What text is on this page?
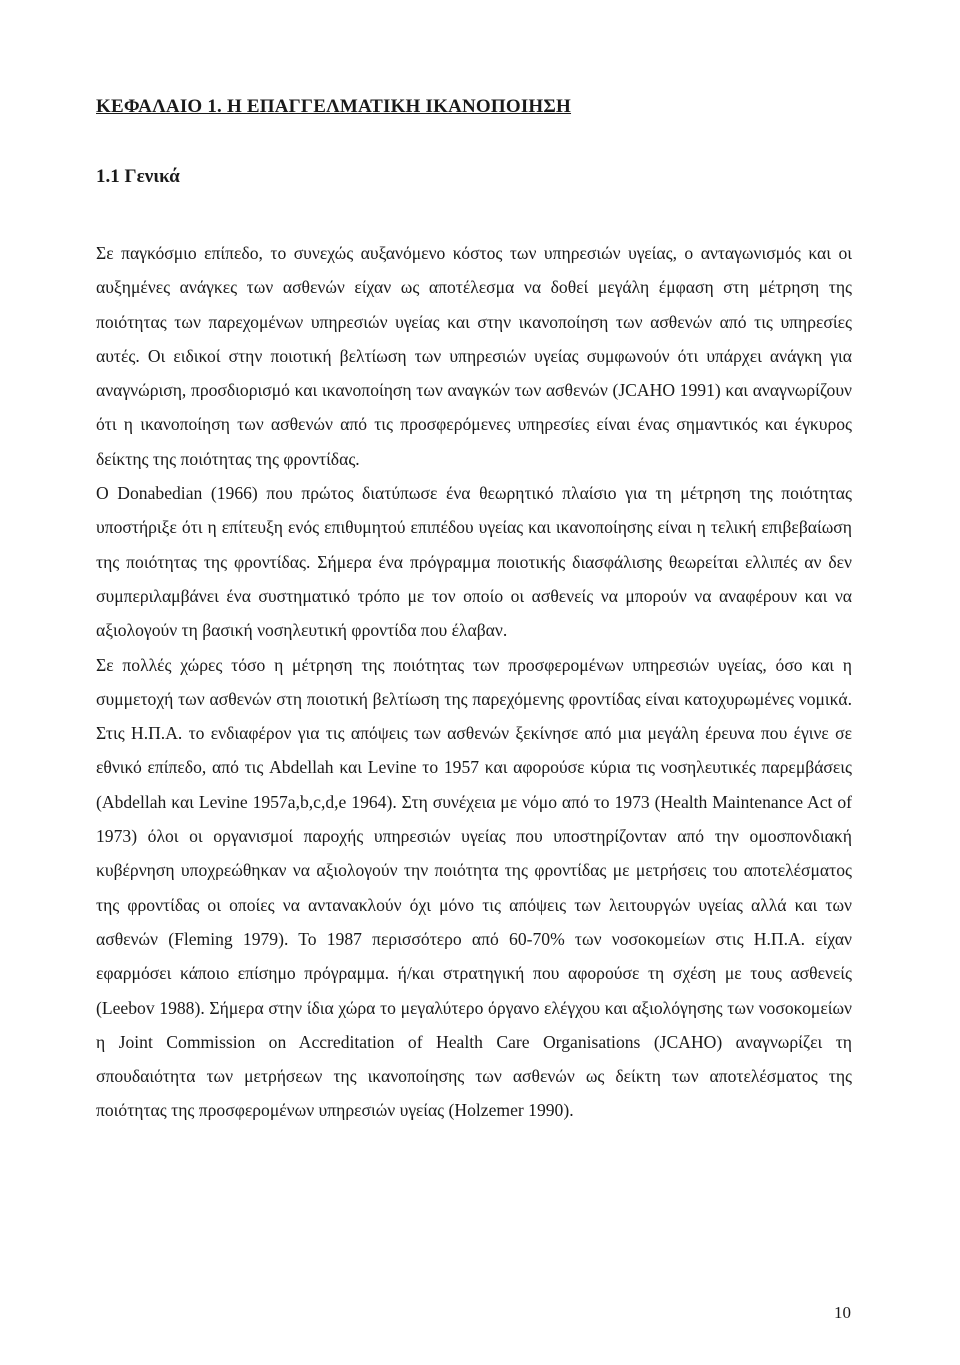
ΚΕΦΑΛΑΙΟ 1. Η ΕΠΑΓΓΕΛΜΑΤΙΚΗ ΙΚΑΝΟΠΟΙΗΣΗ
1.1 Γενικά

Σε παγκόσμιο επίπεδο, το συνεχώς αυξανόμενο κόστος των υπηρεσιών υγείας, ο ανταγωνισμός και οι αυξημένες ανάγκες των ασθενών είχαν ως αποτέλεσμα να δοθεί μεγάλη έμφαση στη μέτρηση της ποιότητας των παρεχομένων υπηρεσιών υγείας και στην ικανοποίηση των ασθενών από τις υπηρεσίες αυτές. Οι ειδικοί στην ποιοτική βελτίωση των υπηρεσιών υγείας συμφωνούν ότι υπάρχει ανάγκη για αναγνώριση, προσδιορισμό και ικανοποίηση των αναγκών των ασθενών (JCAHO 1991) και αναγνωρίζουν ότι η ικανοποίηση των ασθενών από τις προσφερόμενες υπηρεσίες είναι ένας σημαντικός και έγκυρος δείκτης της ποιότητας της φροντίδας.

Ο Donabedian (1966) που πρώτος διατύπωσε ένα θεωρητικό πλαίσιο για τη μέτρηση της ποιότητας υποστήριξε ότι η επίτευξη ενός επιθυμητού επιπέδου υγείας και ικανοποίησης είναι η τελική επιβεβαίωση της ποιότητας της φροντίδας. Σήμερα ένα πρόγραμμα ποιοτικής διασφάλισης θεωρείται ελλιπές αν δεν συμπεριλαμβάνει ένα συστηματικό τρόπο με τον οποίο οι ασθενείς να μπορούν να αναφέρουν και να αξιολογούν τη βασική νοσηλευτική φροντίδα που έλαβαν.

Σε πολλές χώρες τόσο η μέτρηση της ποιότητας των προσφερομένων υπηρεσιών υγείας, όσο και η συμμετοχή των ασθενών στη ποιοτική βελτίωση της παρεχόμενης φροντίδας είναι κατοχυρωμένες νομικά. Στις Η.Π.Α. το ενδιαφέρον για τις απόψεις των ασθενών ξεκίνησε από μια μεγάλη έρευνα που έγινε σε εθνικό επίπεδο, από τις Abdellah και Levine το 1957 και αφορούσε κύρια τις νοσηλευτικές παρεμβάσεις (Abdellah και Levine 1957a,b,c,d,e 1964). Στη συνέχεια με νόμο από το 1973 (Health Maintenance Act of 1973) όλοι οι οργανισμοί παροχής υπηρεσιών υγείας που υποστηρίζονταν από την ομοσπονδιακή κυβέρνηση υποχρεώθηκαν να αξιολογούν την ποιότητα της φροντίδας με μετρήσεις του αποτελέσματος της φροντίδας οι οποίες να αντανακλούν όχι μόνο τις απόψεις των λειτουργών υγείας αλλά και των ασθενών (Fleming 1979). Το 1987 περισσότερο από 60-70% των νοσοκομείων στις Η.Π.Α. είχαν εφαρμόσει κάποιο επίσημο πρόγραμμα. ή/και στρατηγική που αφορούσε τη σχέση με τους ασθενείς (Leebov 1988). Σήμερα στην ίδια χώρα το μεγαλύτερο όργανο ελέγχου και αξιολόγησης των νοσοκομείων η Joint Commission on Accreditation of Health Care Organisations (JCAHO) αναγνωρίζει τη σπουδαιότητα των μετρήσεων της ικανοποίησης των ασθενών ως δείκτη των αποτελέσματος της ποιότητας της προσφερομένων υπηρεσιών υγείας (Holzemer 1990).

10
